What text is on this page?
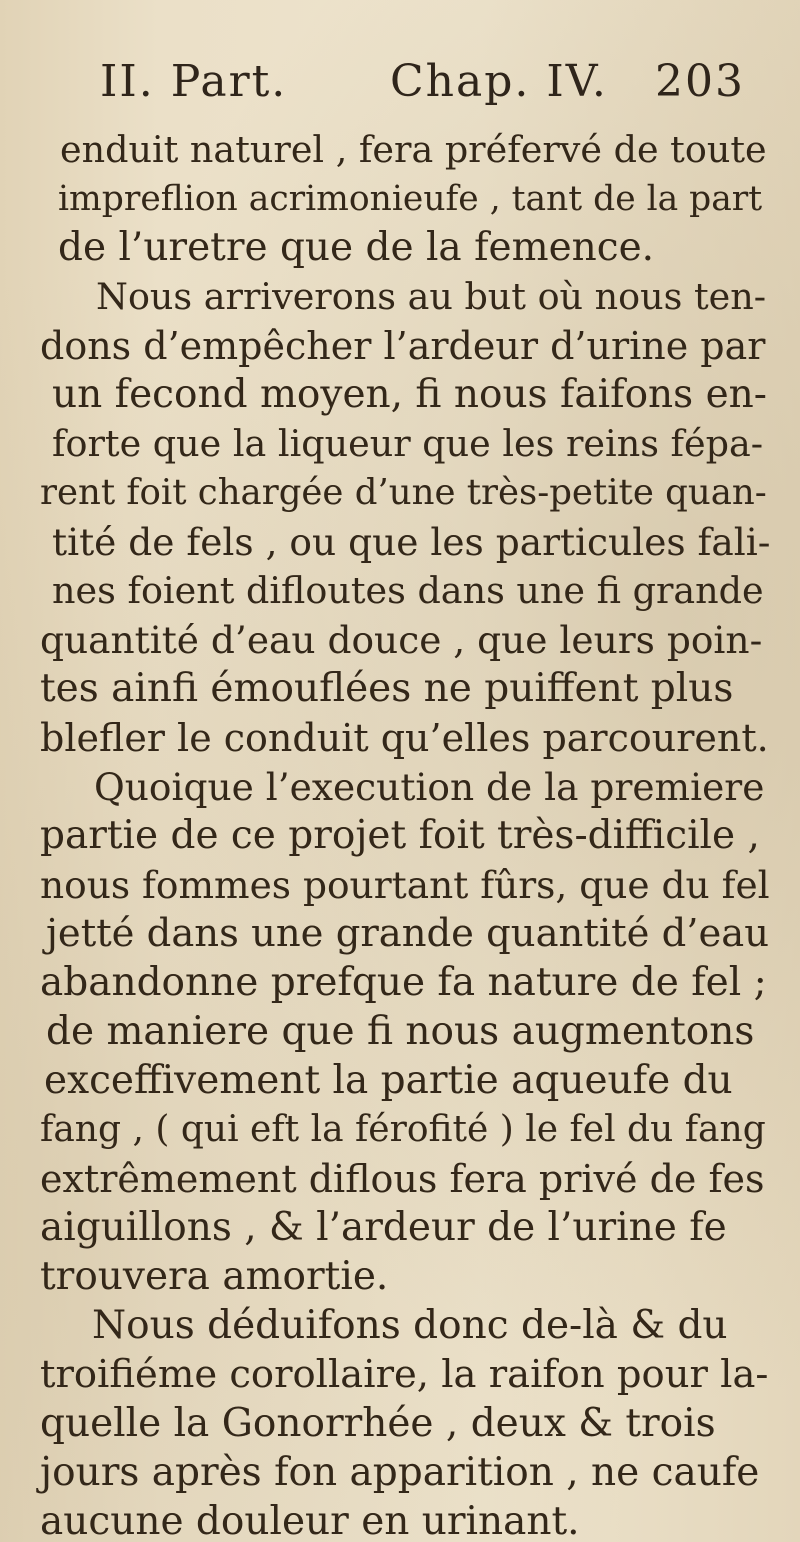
II. Part. Chap. IV. 203
enduit naturel , fera préfervé de toute
impreflion acrimonieufe , tant de la part
de l’uretre que de la femence.
Nous arriverons au but où nous ten-
dons d’empêcher l’ardeur d’urine par
un fecond moyen, fi nous faifons en-
forte que la liqueur que les reins fépa-
rent foit chargée d’une très-petite quan-
tité de fels , ou que les particules fali-
nes foient difloutes dans une fi grande
quantité d’eau douce , que leurs poin-
tes ainfi émouflées ne puiffent plus
blefler le conduit qu’elles parcourent.
Quoique l’execution de la premiere
partie de ce projet foit très-difficile ,
nous fommes pourtant fûrs, que du fel
jetté dans une grande quantité d’eau
abandonne prefque fa nature de fel ;
de maniere que fi nous augmentons
exceffivement la partie aqueufe du
fang , ( qui eft la férofité ) le fel du fang
extrêmement diflous fera privé de fes
aiguillons , & l’ardeur de l’urine fe
trouvera amortie.
Nous déduifons donc de-là & du
troifiéme corollaire, la raifon pour la-
quelle la Gonorrhée , deux & trois
jours après fon apparition , ne caufe
aucune douleur en urinant.
